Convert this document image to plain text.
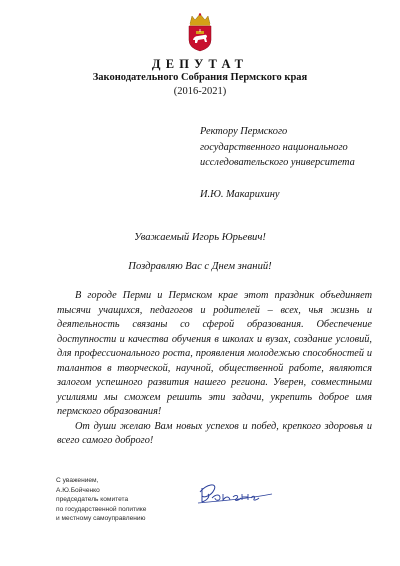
ДЕПУТАТ
Законодательного Собрания Пермского края
(2016-2021)
Ректору Пермского
государственного национального
исследовательского университета
И.Ю. Макарихину
Уважаемый Игорь Юрьевич!
Поздравляю Вас с Днем знаний!

В городе Перми и Пермском крае этот праздник объединяет тысячи учащихся, педагогов и родителей – всех, чья жизнь и деятельность связаны со сферой образования. Обеспечение доступности и качества обучения в школах и вузах, создание условий, для профессионального роста, проявления молодежью способностей и талантов в творческой, научной, общественной работе, являются залогом успешного развития нашего региона. Уверен, совместными усилиями мы сможем решить эти задачи, укрепить доброе имя пермского образования!

От души желаю Вам новых успехов и побед, крепкого здоровья и всего самого доброго!

С уважением,
А.Ю.Бойченко
председатель комитета
по государственной политике
и местному самоуправлению
